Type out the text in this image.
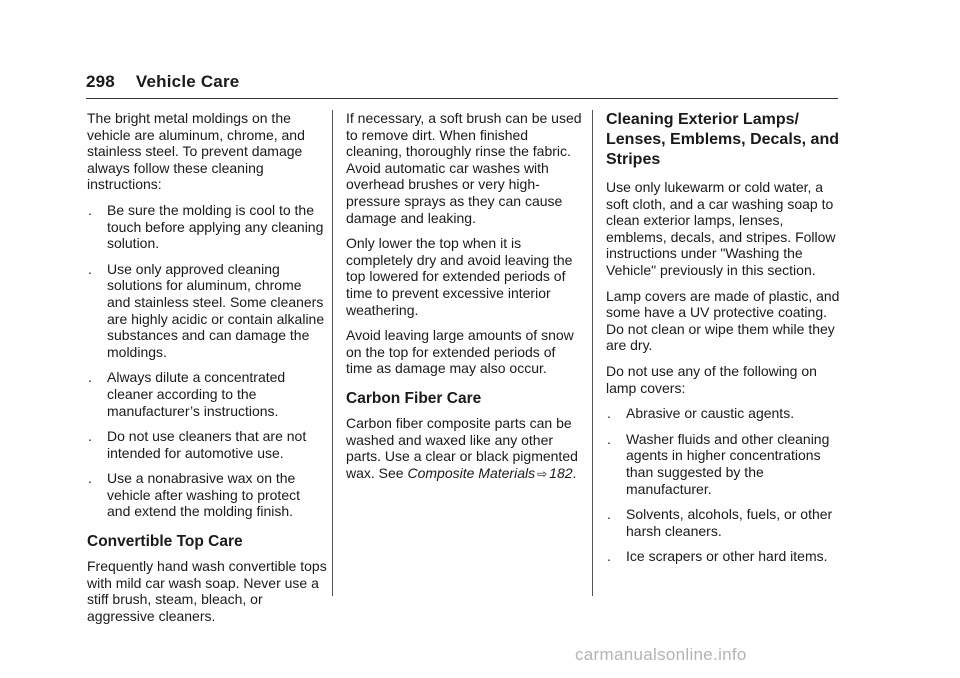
298 Vehicle Care

The bright metal moldings on the vehicle are aluminum, chrome, and stainless steel. To prevent damage always follow these cleaning instructions:

. Be sure the molding is cool to the touch before applying any cleaning solution.
. Use only approved cleaning solutions for aluminum, chrome and stainless steel. Some cleaners are highly acidic or contain alkaline substances and can damage the moldings.
. Always dilute a concentrated cleaner according to the manufacturer’s instructions.
. Do not use cleaners that are not intended for automotive use.
. Use a nonabrasive wax on the vehicle after washing to protect and extend the molding finish.
Convertible Top Care

Frequently hand wash convertible tops with mild car wash soap. Never use a stiff brush, steam, bleach, or aggressive cleaners.

If necessary, a soft brush can be used to remove dirt. When finished cleaning, thoroughly rinse the fabric. Avoid automatic car washes with overhead brushes or very high-pressure sprays as they can cause damage and leaking.

Only lower the top when it is completely dry and avoid leaving the top lowered for extended periods of time to prevent excessive interior weathering.

Avoid leaving large amounts of snow on the top for extended periods of time as damage may also occur.

Carbon Fiber Care

Carbon fiber composite parts can be washed and waxed like any other parts. Use a clear or black pigmented wax. See Composite Materials ⇨ 182.

Cleaning Exterior Lamps/ Lenses, Emblems, Decals, and Stripes

Use only lukewarm or cold water, a soft cloth, and a car washing soap to clean exterior lamps, lenses, emblems, decals, and stripes. Follow instructions under "Washing the Vehicle" previously in this section.

Lamp covers are made of plastic, and some have a UV protective coating. Do not clean or wipe them while they are dry.

Do not use any of the following on lamp covers:

. Abrasive or caustic agents.
. Washer fluids and other cleaning agents in higher concentrations than suggested by the manufacturer.
. Solvents, alcohols, fuels, or other harsh cleaners.
. Ice scrapers or other hard items.
carmanualsonline.info
